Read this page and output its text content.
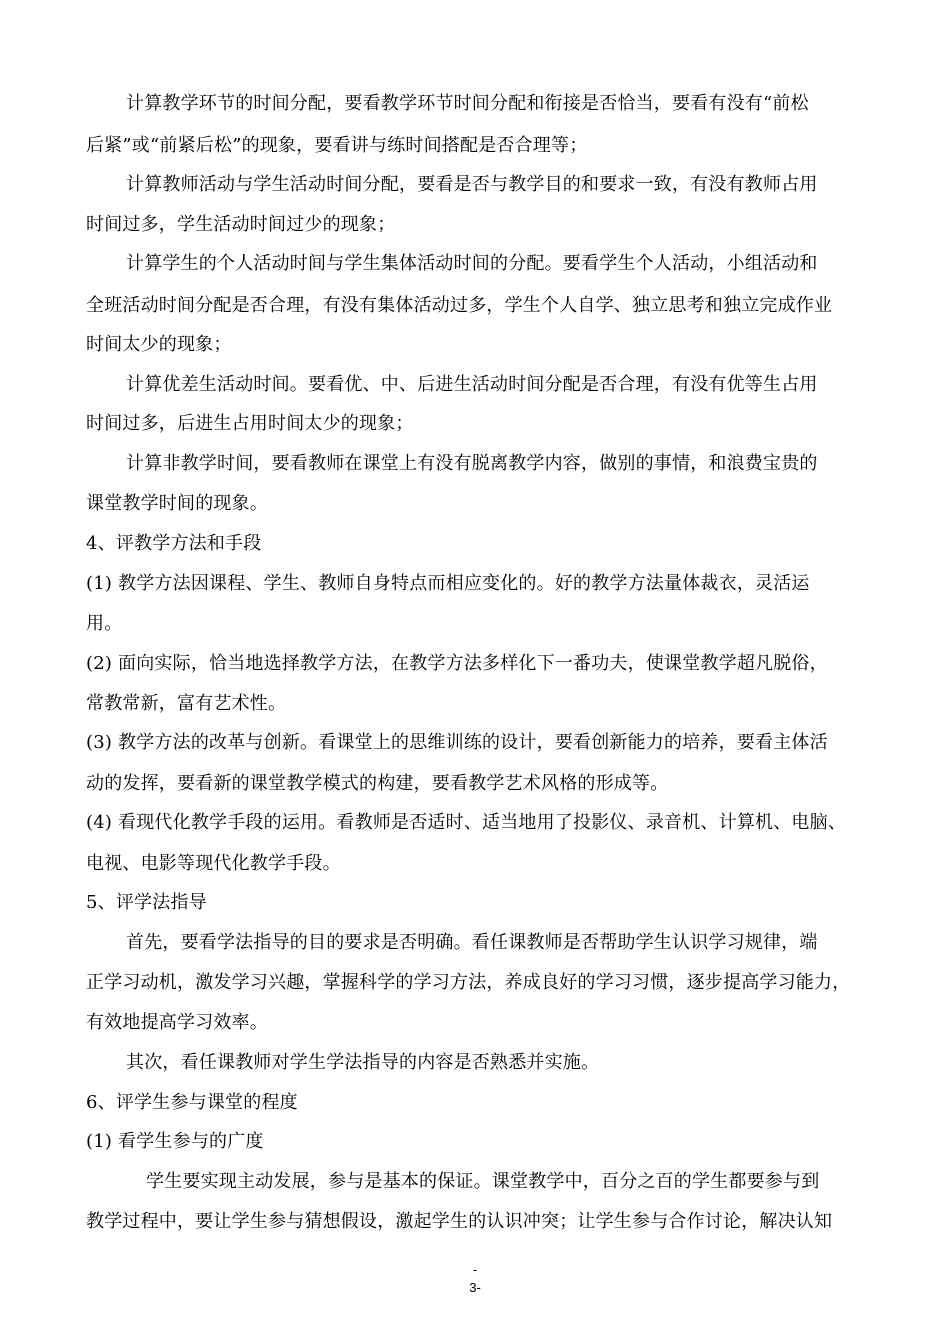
计算教学环节的时间分配，要看教学环节时间分配和衔接是否恰当，要看有没有“前松
后紧”或“前紧后松”的现象，要看讲与练时间搭配是否合理等；
计算教师活动与学生活动时间分配，要看是否与教学目的和要求一致，有没有教师占用
时间过多，学生活动时间过少的现象；
计算学生的个人活动时间与学生集体活动时间的分配。要看学生个人活动，小组活动和
全班活动时间分配是否合理，有没有集体活动过多，学生个人自学、独立思考和独立完成作业
时间太少的现象；
计算优差生活动时间。要看优、中、后进生活动时间分配是否合理，有没有优等生占用
时间过多，后进生占用时间太少的现象；
计算非教学时间，要看教师在课堂上有没有脱离教学内容，做别的事情，和浪费宝贵的
课堂教学时间的现象。
4、评教学方法和手段
(1) 教学方法因课程、学生、教师自身特点而相应变化的。好的教学方法量体裁衣，灵活运
用。
(2) 面向实际，恰当地选择教学方法，在教学方法多样化下一番功夫，使课堂教学超凡脱俗，
常教常新，富有艺术性。
(3) 教学方法的改革与创新。看课堂上的思维训练的设计，要看创新能力的培养，要看主体活
动的发挥，要看新的课堂教学模式的构建，要看教学艺术风格的形成等。
(4) 看现代化教学手段的运用。看教师是否适时、适当地用了投影仪、录音机、计算机、电脑、
电视、电影等现代化教学手段。
5、评学法指导
首先，要看学法指导的目的要求是否明确。看任课教师是否帮助学生认识学习规律，端
正学习动机，激发学习兴趣，掌握科学的学习方法，养成良好的学习习惯，逐步提高学习能力，
有效地提高学习效率。
其次，看任课教师对学生学法指导的内容是否熟悉并实施。
6、评学生参与课堂的程度
(1) 看学生参与的广度
学生要实现主动发展，参与是基本的保证。课堂教学中，百分之百的学生都要参与到
教学过程中，要让学生参与猜想假设，激起学生的认识冲突；让学生参与合作讨论，解决认知
-
3-
